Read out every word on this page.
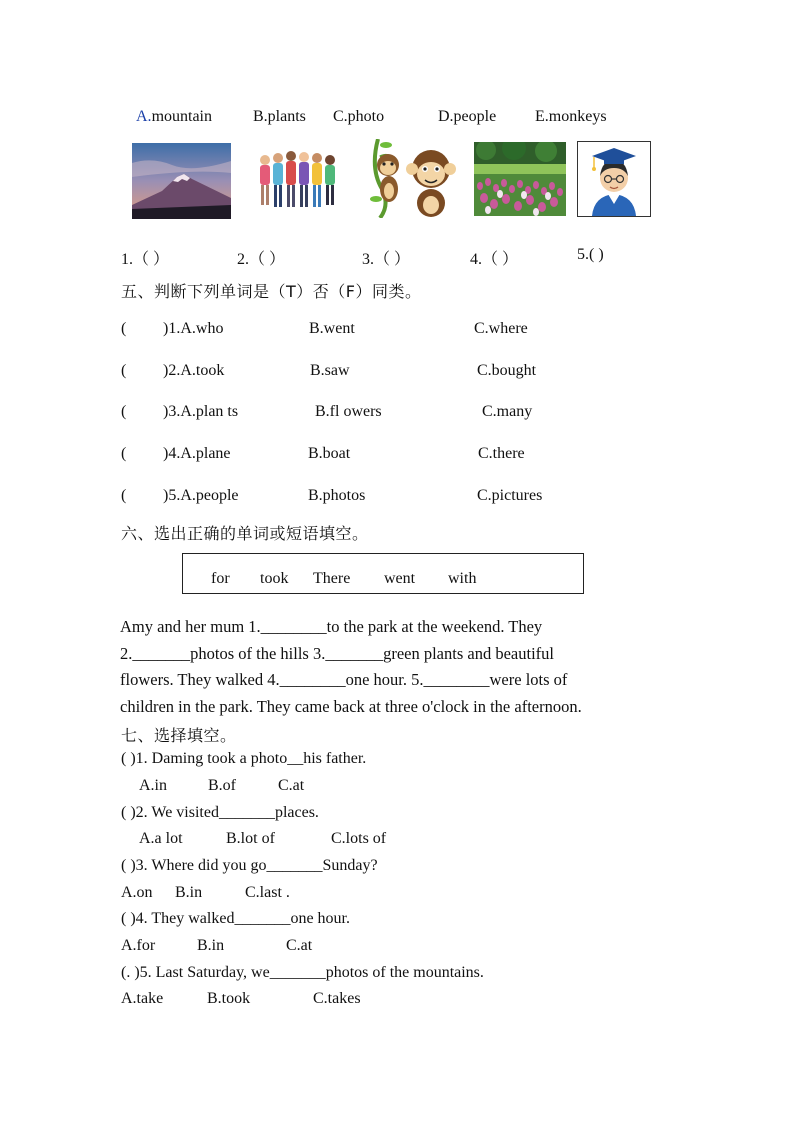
A.mountain	B.plants C.photo	D.people E.monkeys
1.（ ）	2.（ ）	3.（ ）	4.（ ）	5.( )
五、判断下列单词是（T）否（F）同类。
( )1.A.who	B.went	C.where
( )2.A.took	B.saw	C.bought
( )3.A.plan ts	B.fl owers	C.many
( )4.A.plane	B.boat	C.there
( )5.A.people	B.photos	C.pictures
六、选出正确的单词或短语填空。
for took There went with
Amy and her mum 1.________to the park at the weekend. They
2._______photos of the hills 3._______green plants and beautiful
flowers. They walked 4.________one hour. 5.________were lots of
children in the park. They came back at three o'clock in the afternoon.
七、选择填空。
( )1. Daming took a photo__his father.
A.in	B.of	C.at
( )2. We visited_______places.
A.a lot	B.lot of	C.lots of
( )3. Where did you go_______Sunday?
A.on B.in	C.last .
( )4. They walked_______one hour.
A.for	B.in	C.at
(. )5. Last Saturday, we_______photos of the mountains.
A.take	B.took	C.takes
